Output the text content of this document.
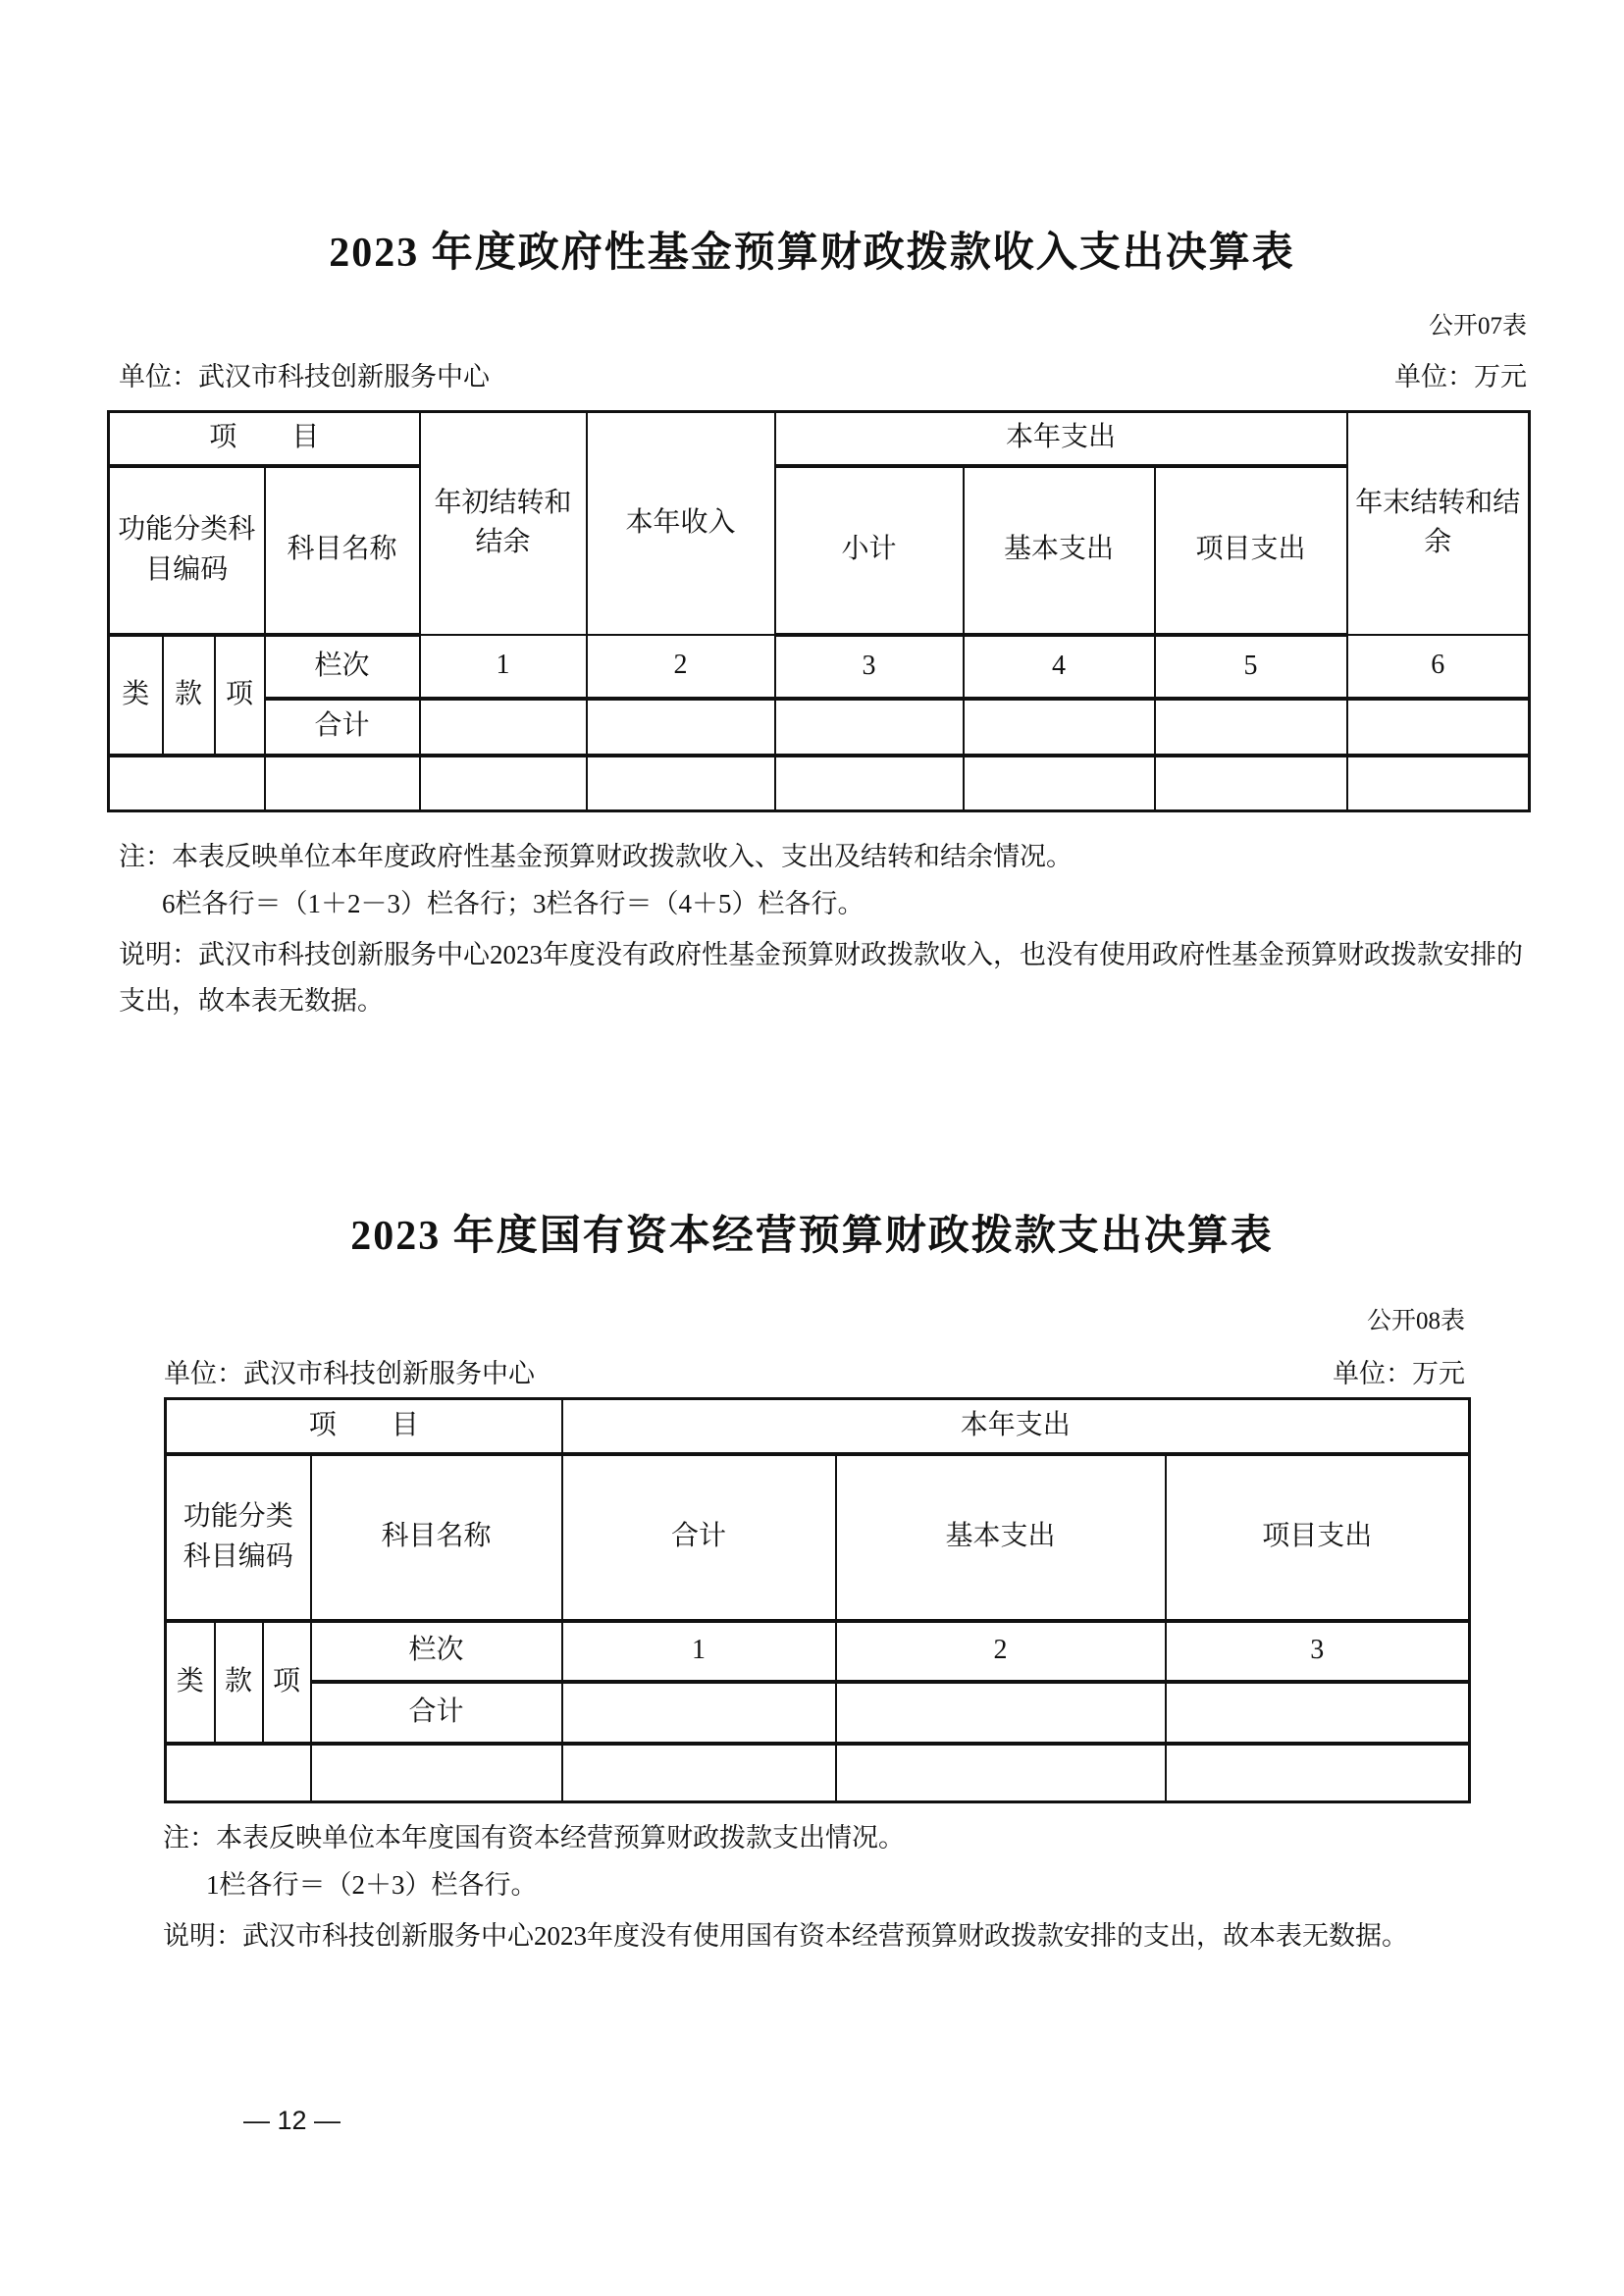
2023 年度政府性基金预算财政拨款收入支出决算表
公开07表
单位：武汉市科技创新服务中心	单位：万元
项　　目				年初结转和结余	本年收入	本年支出			年末结转和结余
功能分类科目编码			科目名称			小计	基本支出	项目支出	
类	款	项	栏次	1	2	3	4	5	6
			合计						

注：本表反映单位本年度政府性基金预算财政拨款收入、支出及结转和结余情况。
6栏各行＝（1＋2－3）栏各行；3栏各行＝（4＋5）栏各行。
说明：武汉市科技创新服务中心2023年度没有政府性基金预算财政拨款收入，也没有使用政府性基金预算财政拨款安排的支出，故本表无数据。
2023 年度国有资本经营预算财政拨款支出决算表
公开08表
单位：武汉市科技创新服务中心	单位：万元
项　　目				本年支出		
功能分类科目编码			科目名称	合计	基本支出	项目支出
类	款	项	栏次	1	2	3
			合计			

注：本表反映单位本年度国有资本经营预算财政拨款支出情况。
1栏各行＝（2＋3）栏各行。
说明：武汉市科技创新服务中心2023年度没有使用国有资本经营预算财政拨款安排的支出，故本表无数据。
— 12 —
